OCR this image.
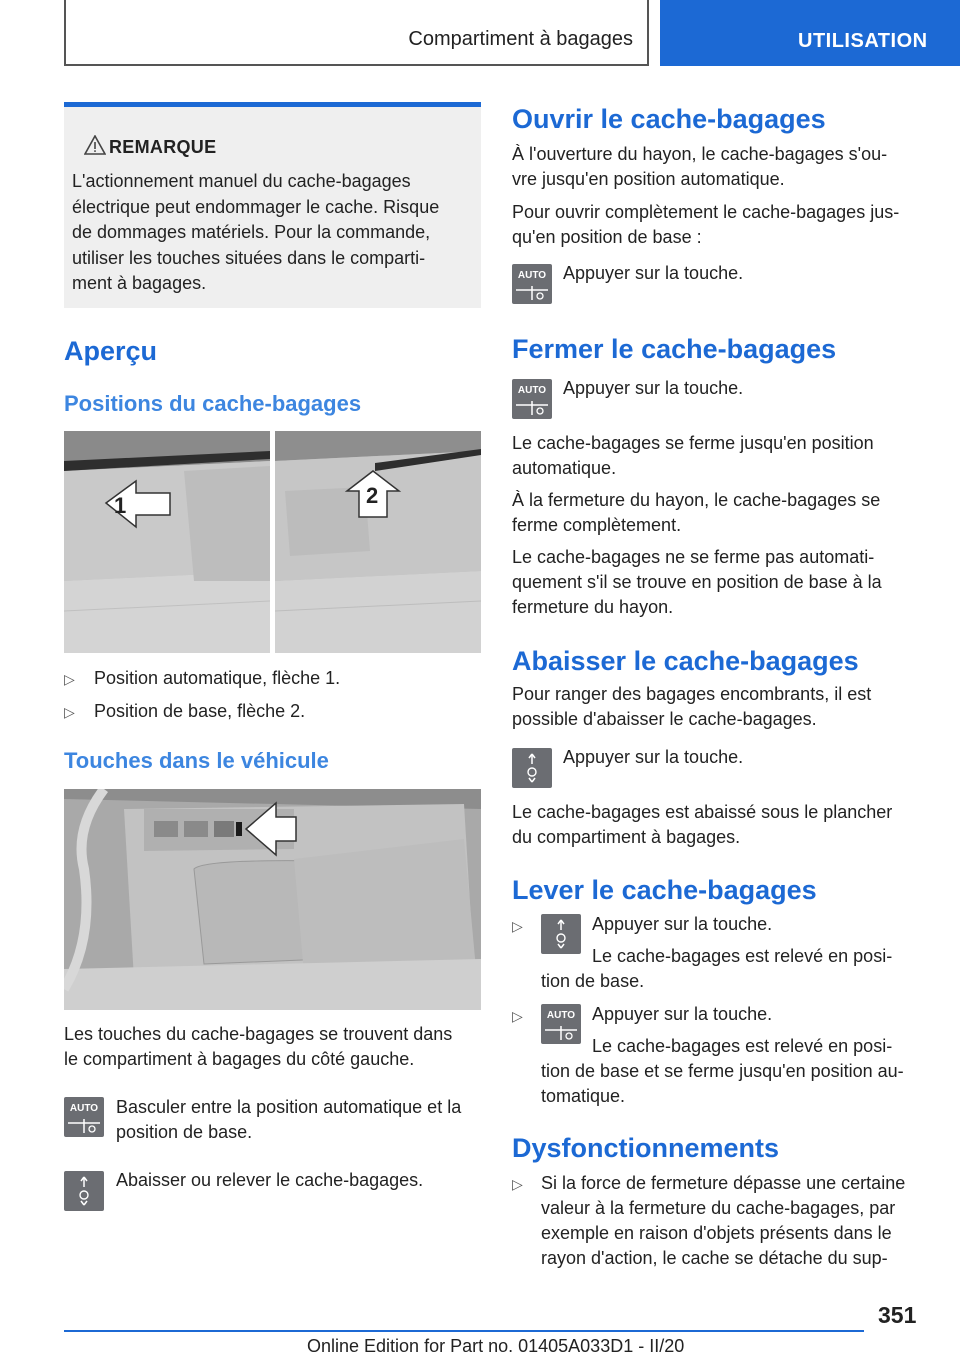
Compartiment à bagages	UTILISATION
REMARQUE
L'actionnement manuel du cache-bagages
électrique peut endommager le cache. Risque
de dommages matériels. Pour la commande,
utiliser les touches situées dans le comparti-
ment à bagages.
Aperçu
Positions du cache-bagages
1	2
▷ Position automatique, flèche 1.
▷ Position de base, flèche 2.
Touches dans le véhicule
Les touches du cache-bagages se trouvent dans
le compartiment à bagages du côté gauche.
AUTO Basculer entre la position automatique et la
position de base.
Abaisser ou relever le cache-bagages.
Ouvrir le cache-bagages
À l'ouverture du hayon, le cache-bagages s'ou-
vre jusqu'en position automatique.
Pour ouvrir complètement le cache-bagages jus-
qu'en position de base :
AUTO Appuyer sur la touche.
Fermer le cache-bagages
AUTO Appuyer sur la touche.
Le cache-bagages se ferme jusqu'en position
automatique.
À la fermeture du hayon, le cache-bagages se
ferme complètement.
Le cache-bagages ne se ferme pas automati-
quement s'il se trouve en position de base à la
fermeture du hayon.
Abaisser le cache-bagages
Pour ranger des bagages encombrants, il est
possible d'abaisser le cache-bagages.
Appuyer sur la touche.
Le cache-bagages est abaissé sous le plancher
du compartiment à bagages.
Lever le cache-bagages
▷	Appuyer sur la touche.
Le cache-bagages est relevé en posi-
tion de base.
▷ AUTO Appuyer sur la touche.
Le cache-bagages est relevé en posi-
tion de base et se ferme jusqu'en position au-
tomatique.
Dysfonctionnements
▷ Si la force de fermeture dépasse une certaine
valeur à la fermeture du cache-bagages, par
exemple en raison d'objets présents dans le
rayon d'action, le cache se détache du sup-
351
Online Edition for Part no. 01405A033D1 - II/20
